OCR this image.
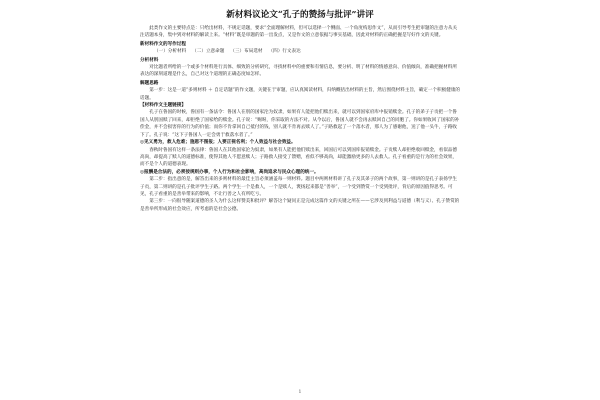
新材料议论文“孔子的赞扬与批评”讲评

此类作文的主要特点是：只给出材料，不规定话题，要求“全面理解材料，但可以选择一个侧面、一个角度构思作文”，从而引导考生把审题的注意力从关注话题本身，集中到对材料的解读上来。“材料”既是审题的第一出发点，又是作文的立意依据与事实基础，因此对材料的正确把握是写好作文的关键。

新材料作文的写作过程

（一）分析材料 （二）立意命题 （三）布局选材 （四）行文表达

分析材料

对比题者所给的一个或多个材料进行具体、细致的分析研究，寻找材料中的重要和有情信息，要分析、明了材料的情感意向、价值倾向，准确把握材料所表达的深刻道理是什么，自己对这个道理的正确态度如怎样。

解题思路

第一步：这是一道“多则材料 ＋ 自定话题”的作文题，关键在于审题，应认真阅读材料，归纳概括出材料的主旨，然后围绕材料主旨，确定一个积极健康的话题。

【材料作文主题链接】

孔子在鲁国的时候，鲁国有一条法令：鲁国人在别的国家沦为奴隶，如果有人能把他们赎出来，就可以到国家府库中报销赎金。孔子的弟子子贡把一个鲁国人从别国赎了回来，却拒绝了国家给的赎金。孔子说：“赐呀，你采取的方法不对。从今以后，鲁国人就不会再去赎回自己的同胞了。你如果收回了国家的补偿金，并不会损害你的行为的价值；而你不肯拿回自己抵付的钱，别人就不肯再去赎人了。”子路救起了一个落水者，那人为了感谢他，送了他一头牛，子路收下了。孔子说：“这下子鲁国人一定会勇于救落水者了。”

◎见义勇为，救人危难；施恩不图报；人要正视名利；个人效益与社会效益。

春秋时鲁国有这样一条法律：鲁国人在其他国家沦为奴隶，如果有人能把他们赎出来，回国后可以到国库报销赎金。子贡赎人却拒绝收回赎金，看似品德高尚，却提高了赎人的道德标准，使得其他人不愿意赎人；子路救人接受了馈赠，看似不够高尚，却能激励更多的人去救人。孔子看重的是行为的社会效果，而不是个人的道德表现。

◎报酬是合法的，必须按规则办事，个人行为和社会影响，高尚追求与民众心理的统一。

第二步：指出意的是，解答出来的多则材料的最佳主旨必须涵盖每一则材料。题目中两则材料讲了孔子及其弟子的两个故事，第一则讲的是孔子表扬学生子贡，第二则讲的是孔子批评学生子路。两个学生一个是救人，一个是赎人，褒扬起来都是“善举”，一个受到赞赏一个受到批评，背后的原因值得思考。可见，孔子看重的是善举带来的影响，不让行善之人有所吃亏。

第三步：一向很导随案道德的圣人为什么这样赞美和批评？解答这个疑问正是完成这篇作文的关键之所在——它涉及到利益与道德（利与义）、孔子赞赏的是善举所形成的社会效应，所考虑的是社会公德。

1
